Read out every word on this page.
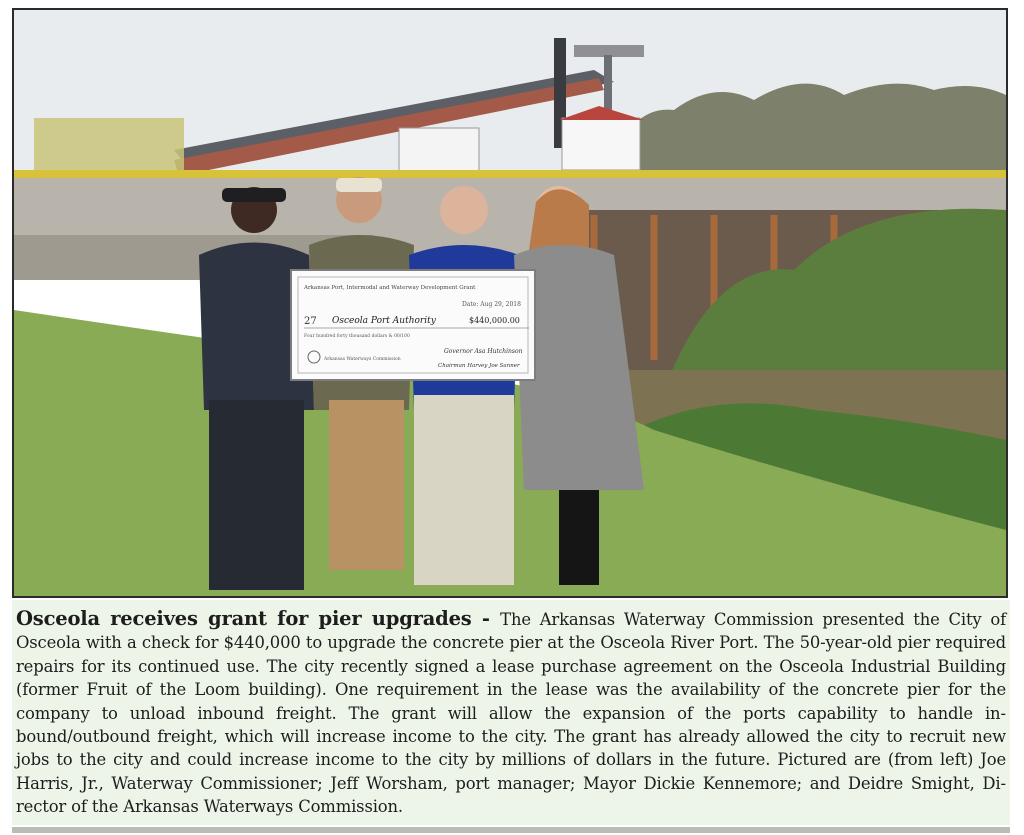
Arkansas Port, Intermodal and Waterway Development Grant
Date: Aug 29, 2018
27 Osceola Port Authority	$440,000.00
Four hundred forty thousand dollars & 00/100
Arkansas Waterways Commission
Governor Asa Hutchinson
Chairman Harvey Joe Sanner

Osceola receives grant for pier upgrades - The Arkansas Waterway Commission presented the City of Osceola with a check for $440,000 to upgrade the concrete pier at the Osceola River Port. The 50-year-old pier required repairs for its continued use. The city recently signed a lease purchase agreement on the Osceola Industrial Building (former Fruit of the Loom building). One requirement in the lease was the availability of the concrete pier for the company to unload inbound freight. The grant will allow the expansion of the ports capability to handle inbound/outbound freight, which will increase income to the city. The grant has already allowed the city to recruit new jobs to the city and could increase income to the city by millions of dollars in the future. Pictured are (from left) Joe Harris, Jr., Waterway Commissioner; Jeff Worsham, port manager; Mayor Dickie Kennemore; and Deidre Smight, Director of the Arkansas Waterways Commission.
